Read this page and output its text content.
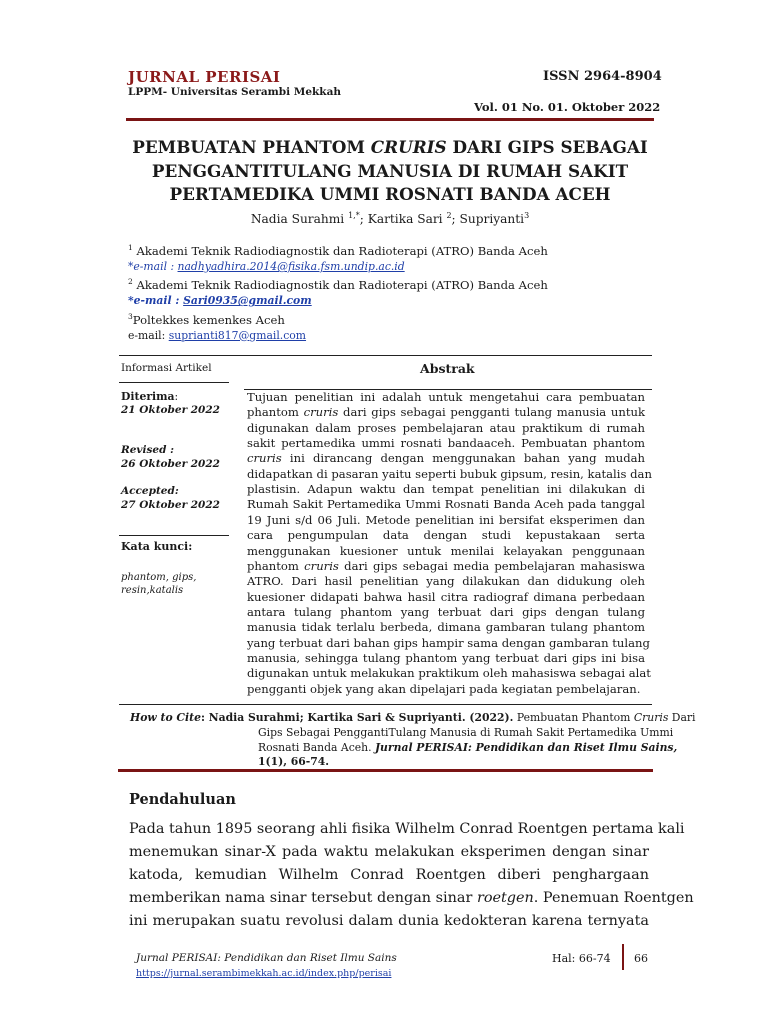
JURNAL PERISAI
LPPM- Universitas Serambi Mekkah
ISSN 2964-8904
Vol. 01 No. 01. Oktober 2022
PEMBUATAN PHANTOM CRURIS DARI GIPS SEBAGAI
PENGGANTITULANG MANUSIA DI RUMAH SAKIT
PERTAMEDIKA UMMI ROSNATI BANDA ACEH
Nadia Surahmi $^{1,*}$; Kartika Sari $^2$; Supriyanti$^3$
$^1$ Akademi Teknik Radiodiagnostik dan Radioterapi (ATRO) Banda Aceh
*e-mail : nadhyadhira.2014@fisika.fsm.undip.ac.id
$^2$ Akademi Teknik Radiodiagnostik dan Radioterapi (ATRO) Banda Aceh
*e-mail : Sari0935@gmail.com
$^3$Poltekkes kemenkes Aceh
e-mail: suprianti817@gmail.com
Informasi Artikel	Abstrak
Diterima:
21 Oktober 2022
Revised :
26 Oktober 2022
Accepted:
27 Oktober 2022
Kata kunci:
phantom, gips,
resin,katalis
Tujuan penelitian ini adalah untuk mengetahui cara pembuatan
phantom cruris dari gips sebagai pengganti tulang manusia untuk
digunakan dalam proses pembelajaran atau praktikum di rumah
sakit pertamedika ummi rosnati bandaaceh. Pembuatan phantom
cruris ini dirancang dengan menggunakan bahan yang mudah
didapatkan di pasaran yaitu seperti bubuk gipsum, resin, katalis dan
plastisin. Adapun waktu dan tempat penelitian ini dilakukan di
Rumah Sakit Pertamedika Ummi Rosnati Banda Aceh pada tanggal
19 Juni s/d 06 Juli. Metode penelitian ini bersifat eksperimen dan
cara pengumpulan data dengan studi kepustakaan serta
menggunakan kuesioner untuk menilai kelayakan penggunaan
phantom cruris dari gips sebagai media pembelajaran mahasiswa
ATRO. Dari hasil penelitian yang dilakukan dan didukung oleh
kuesioner didapati bahwa hasil citra radiograf dimana perbedaan
antara tulang phantom yang terbuat dari gips dengan tulang
manusia tidak terlalu berbeda, dimana gambaran tulang phantom
yang terbuat dari bahan gips hampir sama dengan gambaran tulang
manusia, sehingga tulang phantom yang terbuat dari gips ini bisa
digunakan untuk melakukan praktikum oleh mahasiswa sebagai alat
pengganti objek yang akan dipelajari pada kegiatan pembelajaran.
How to Cite: Nadia Surahmi; Kartika Sari & Supriyanti. (2022). Pembuatan Phantom Cruris Dari
Gips Sebagai PenggantiTulang Manusia di Rumah Sakit Pertamedika Ummi
Rosnati Banda Aceh. Jurnal PERISAI: Pendidikan dan Riset Ilmu Sains,
1(1), 66-74.
Pendahuluan
Pada tahun 1895 seorang ahli fisika Wilhelm Conrad Roentgen pertama kali
menemukan sinar-X pada waktu melakukan eksperimen dengan sinar
katoda, kemudian Wilhelm Conrad Roentgen diberi penghargaan
memberikan nama sinar tersebut dengan sinar roetgen. Penemuan Roentgen
ini merupakan suatu revolusi dalam dunia kedokteran karena ternyata
Jurnal PERISAI: Pendidikan dan Riset Ilmu Sains
https://jurnal.serambimekkah.ac.id/index.php/perisai
Hal: 66-74 66
